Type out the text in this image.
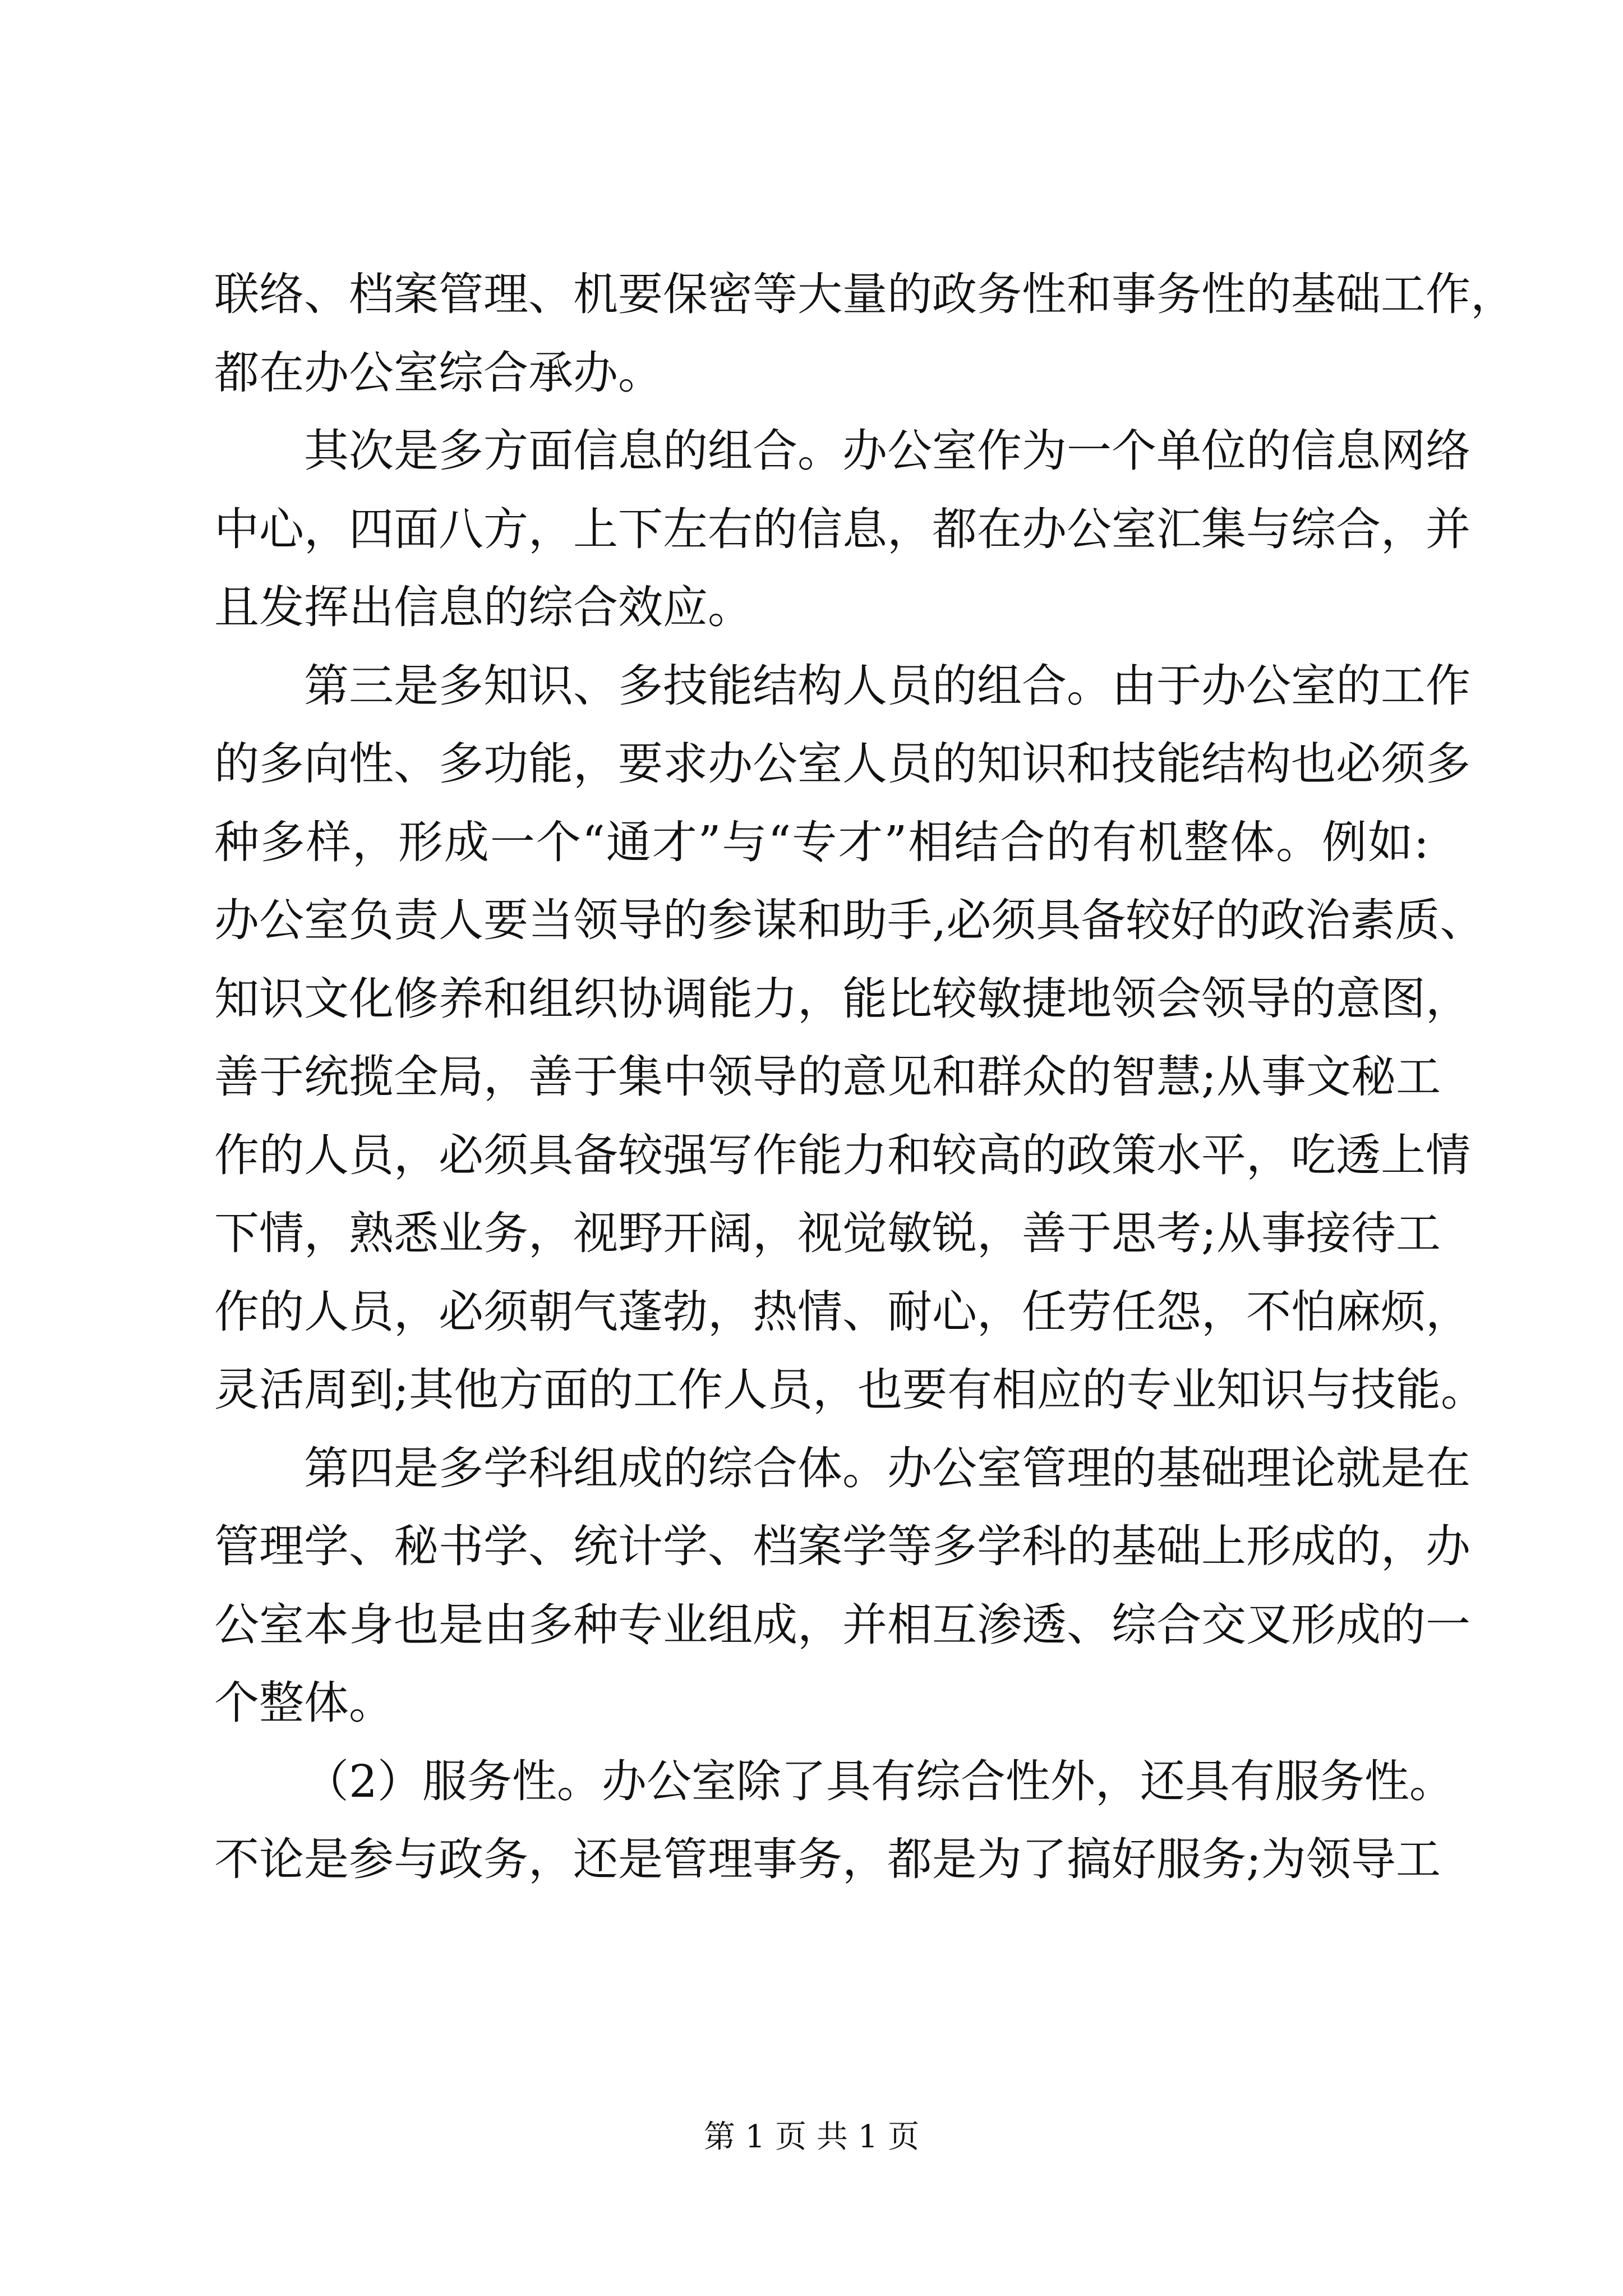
联络、档案管理、机要保密等大量的政务性和事务性的基础工作，
都在办公室综合承办。
其次是多方面信息的组合。办公室作为一个单位的信息网络
中心，四面八方，上下左右的信息，都在办公室汇集与综合，并
且发挥出信息的综合效应。
第三是多知识、多技能结构人员的组合。由于办公室的工作
的多向性、多功能，要求办公室人员的知识和技能结构也必须多
种多样，形成一个“通才”与“专才”相结合的有机整体。例如:
办公室负责人要当领导的参谋和助手,必须具备较好的政治素质、
知识文化修养和组织协调能力，能比较敏捷地领会领导的意图，
善于统揽全局，善于集中领导的意见和群众的智慧;从事文秘工
作的人员，必须具备较强写作能力和较高的政策水平，吃透上情
下情，熟悉业务，视野开阔，视觉敏锐，善于思考;从事接待工
作的人员，必须朝气蓬勃，热情、耐心，任劳任怨，不怕麻烦，
灵活周到;其他方面的工作人员，也要有相应的专业知识与技能。
第四是多学科组成的综合体。办公室管理的基础理论就是在
管理学、秘书学、统计学、档案学等多学科的基础上形成的，办
公室本身也是由多种专业组成，并相互渗透、综合交叉形成的一
个整体。
（2）服务性。办公室除了具有综合性外，还具有服务性。
不论是参与政务，还是管理事务，都是为了搞好服务;为领导工
第 1 页 共 1 页
